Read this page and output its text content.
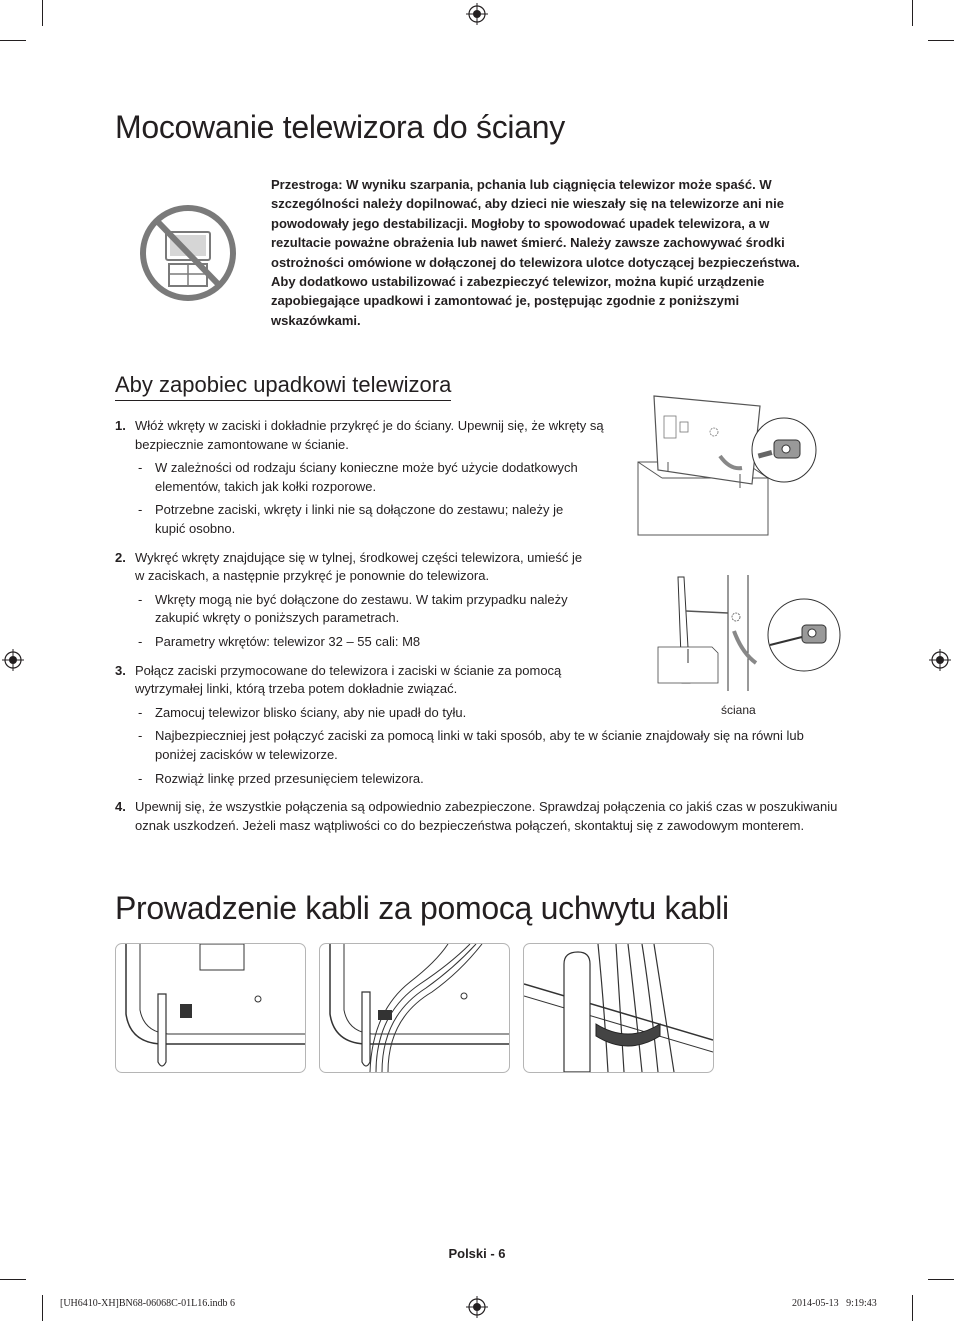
Mocowanie telewizora do ściany
Przestroga: W wyniku szarpania, pchania lub ciągnięcia telewizor może spaść. W szczególności należy dopilnować, aby dzieci nie wieszały się na telewizorze ani nie powodowały jego destabilizacji. Mogłoby to spowodować upadek telewizora, a w rezultacie poważne obrażenia lub nawet śmierć. Należy zawsze zachowywać środki ostrożności omówione w dołączonej do telewizora ulotce dotyczącej bezpieczeństwa. Aby dodatkowo ustabilizować i zabezpieczyć telewizor, można kupić urządzenie zapobiegające upadkowi i zamontować je, postępując zgodnie z poniższymi wskazówkami.
Aby zapobiec upadkowi telewizora
1. Włóż wkręty w zaciski i dokładnie przykręć je do ściany. Upewnij się, że wkręty są bezpiecznie zamontowane w ścianie.
- W zależności od rodzaju ściany konieczne może być użycie dodatkowych elementów, takich jak kołki rozporowe.
- Potrzebne zaciski, wkręty i linki nie są dołączone do zestawu; należy je kupić osobno.
2. Wykręć wkręty znajdujące się w tylnej, środkowej części telewizora, umieść je w zaciskach, a następnie przykręć je ponownie do telewizora.
- Wkręty mogą nie być dołączone do zestawu. W takim przypadku należy zakupić wkręty o poniższych parametrach.
- Parametry wkrętów: telewizor 32 – 55 cali: M8
3. Połącz zaciski przymocowane do telewizora i zaciski w ścianie za pomocą wytrzymałej linki, którą trzeba potem dokładnie związać.
- Zamocuj telewizor blisko ściany, aby nie upadł do tyłu.
- Najbezpieczniej jest połączyć zaciski za pomocą linki w taki sposób, aby te w ścianie znajdowały się na równi lub poniżej zacisków w telewizorze.
- Rozwiąż linkę przed przesunięciem telewizora.
4. Upewnij się, że wszystkie połączenia są odpowiednio zabezpieczone. Sprawdzaj połączenia co jakiś czas w poszukiwaniu oznak uszkodzeń. Jeżeli masz wątpliwości co do bezpieczeństwa połączeń, skontaktuj się z zawodowym monterem.
ściana
Prowadzenie kabli za pomocą uchwytu kabli
Polski - 6
[UH6410-XH]BN68-06068C-01L16.indb 6	2014-05-13   9:19:43
